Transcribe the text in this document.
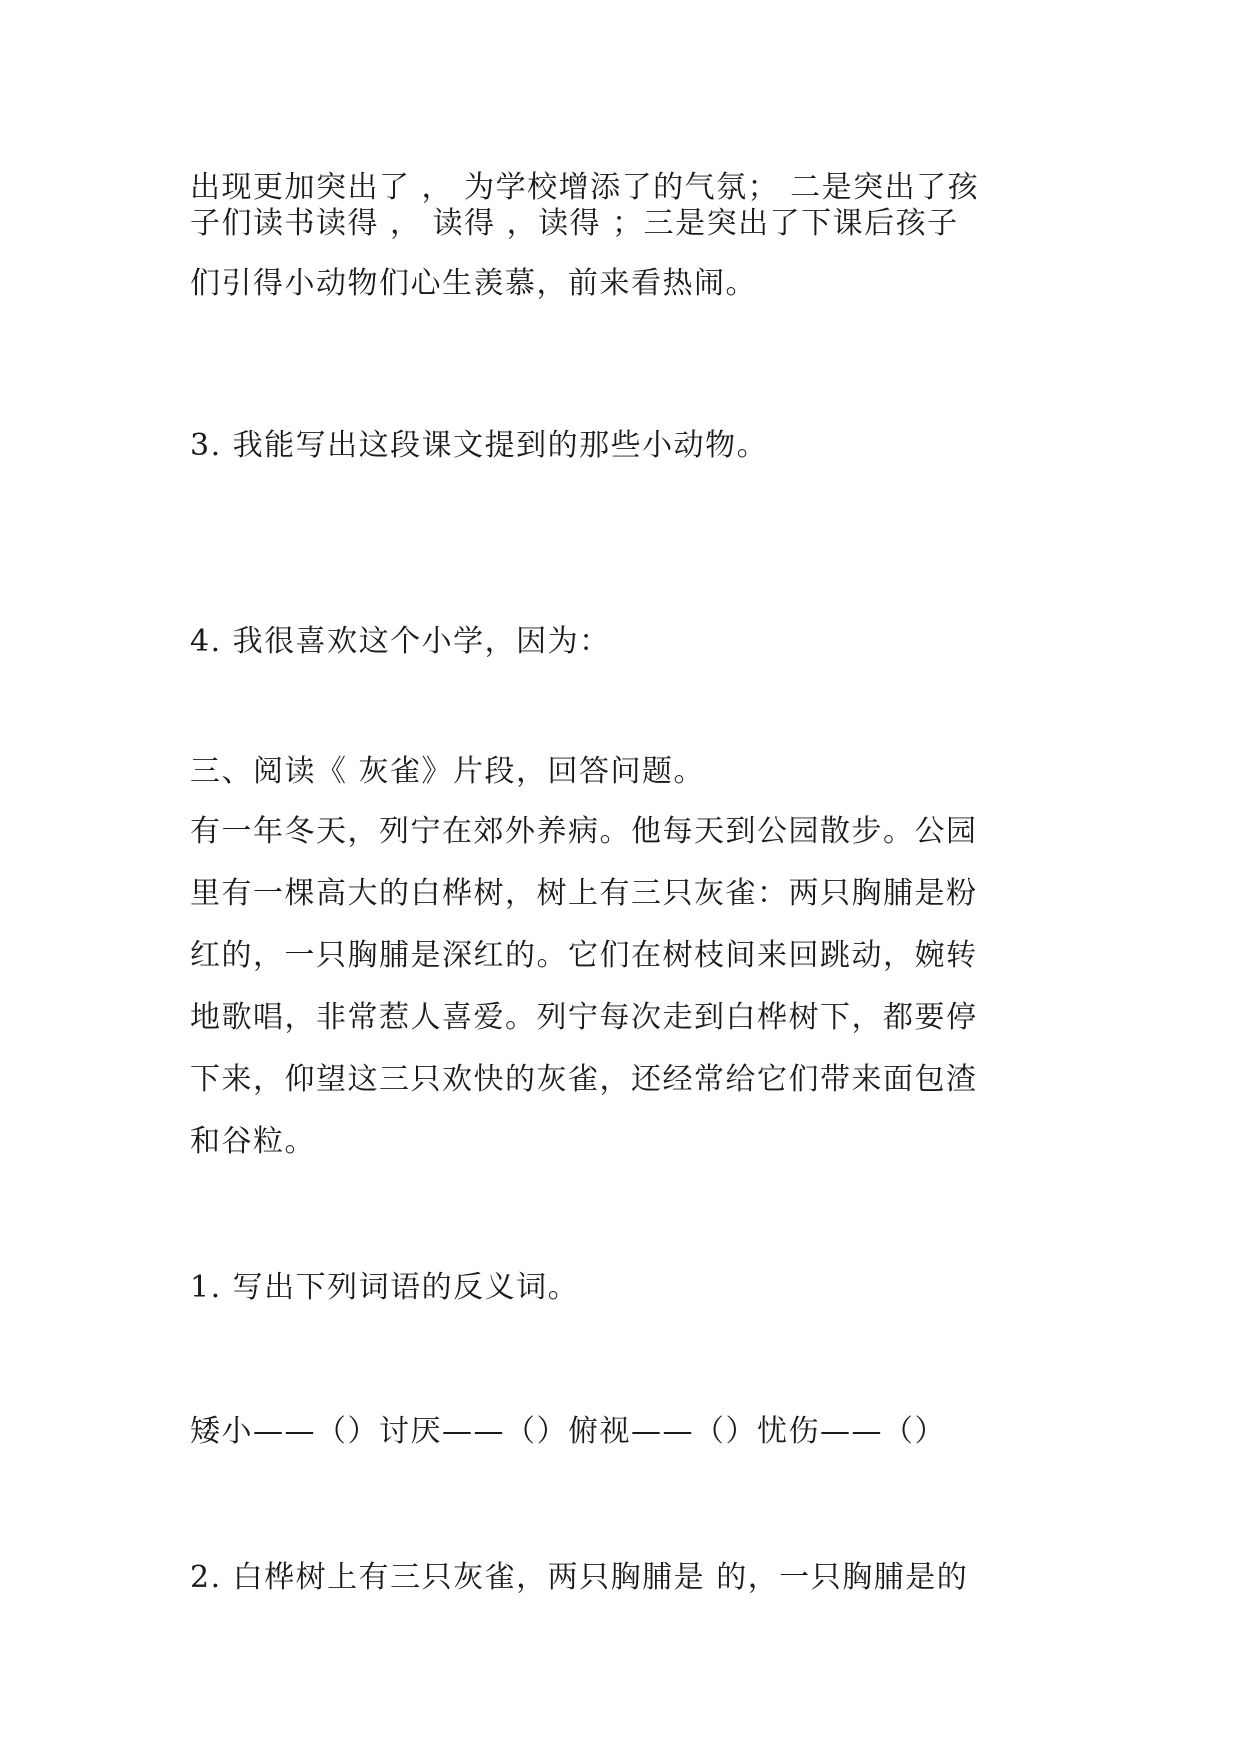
出现更加突出了 ， 为学校增添了的气氛； 二是突出了孩
子们读书读得 ， 读得 ，读得 ；三是突出了下课后孩子
们引得小动物们心生羡慕，前来看热闹。
3. 我能写出这段课文提到的那些小动物。
4. 我很喜欢这个小学，因为：
三、阅读《 灰雀》片段，回答问题。
有一年冬天，列宁在郊外养病。他每天到公园散步。公园
里有一棵高大的白桦树，树上有三只灰雀：两只胸脯是粉
红的，一只胸脯是深红的。它们在树枝间来回跳动，婉转
地歌唱，非常惹人喜爱。列宁每次走到白桦树下，都要停
下来，仰望这三只欢快的灰雀，还经常给它们带来面包渣
和谷粒。
1. 写出下列词语的反义词。
矮小——（）讨厌——（）俯视——（）忧伤——（）
2. 白桦树上有三只灰雀，两只胸脯是 的，一只胸脯是的
